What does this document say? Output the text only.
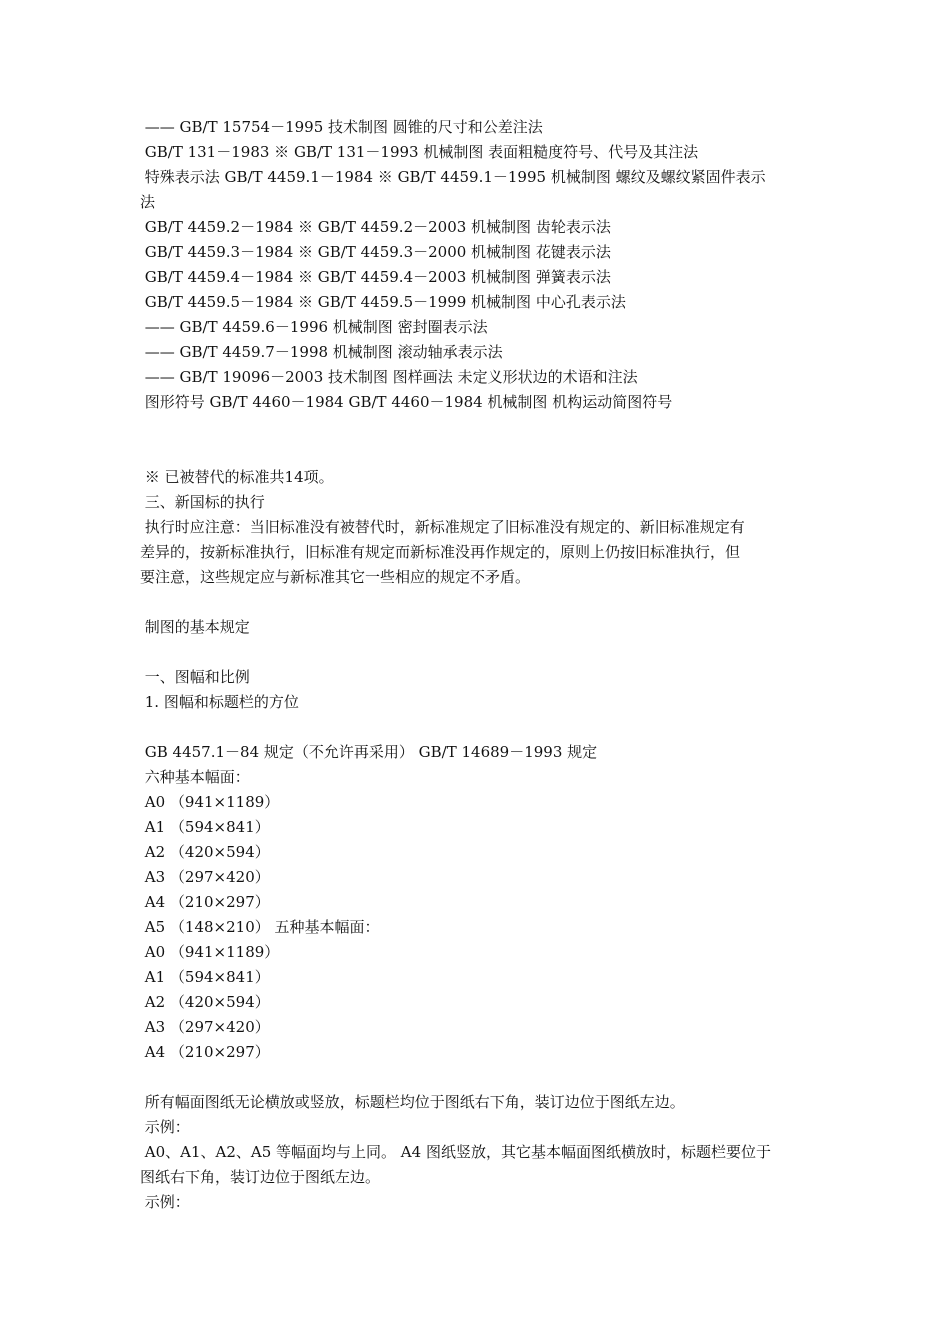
—— GB/T 15754－1995 技术制图 圆锥的尺寸和公差注法
GB/T 131－1983 ※ GB/T 131－1993 机械制图 表面粗糙度符号、代号及其注法
特殊表示法 GB/T 4459.1－1984 ※ GB/T 4459.1－1995 机械制图 螺纹及螺纹紧固件表示
法
GB/T 4459.2－1984 ※ GB/T 4459.2－2003 机械制图 齿轮表示法
GB/T 4459.3－1984 ※ GB/T 4459.3－2000 机械制图 花键表示法
GB/T 4459.4－1984 ※ GB/T 4459.4－2003 机械制图 弹簧表示法
GB/T 4459.5－1984 ※ GB/T 4459.5－1999 机械制图 中心孔表示法
—— GB/T 4459.6－1996 机械制图 密封圈表示法
—— GB/T 4459.7－1998 机械制图 滚动轴承表示法
—— GB/T 19096－2003 技术制图 图样画法 未定义形状边的术语和注法
图形符号 GB/T 4460－1984 GB/T 4460－1984 机械制图 机构运动简图符号
※ 已被替代的标准共14项。
三、新国标的执行
执行时应注意：当旧标准没有被替代时，新标准规定了旧标准没有规定的、新旧标准规定有
差异的，按新标准执行，旧标准有规定而新标准没再作规定的，原则上仍按旧标准执行，但
要注意，这些规定应与新标准其它一些相应的规定不矛盾。
制图的基本规定
一、图幅和比例
1. 图幅和标题栏的方位
GB 4457.1－84 规定（不允许再采用） GB/T 14689－1993 规定
六种基本幅面：
A0 （941×1189）
A1 （594×841）
A2 （420×594）
A3 （297×420）
A4 （210×297）
A5 （148×210） 五种基本幅面：
A0 （941×1189）
A1 （594×841）
A2 （420×594）
A3 （297×420）
A4 （210×297）
所有幅面图纸无论横放或竖放，标题栏均位于图纸右下角，装订边位于图纸左边。
示例：
A0、A1、A2、A5 等幅面均与上同。 A4 图纸竖放，其它基本幅面图纸横放时，标题栏要位于
图纸右下角，装订边位于图纸左边。
示例：
